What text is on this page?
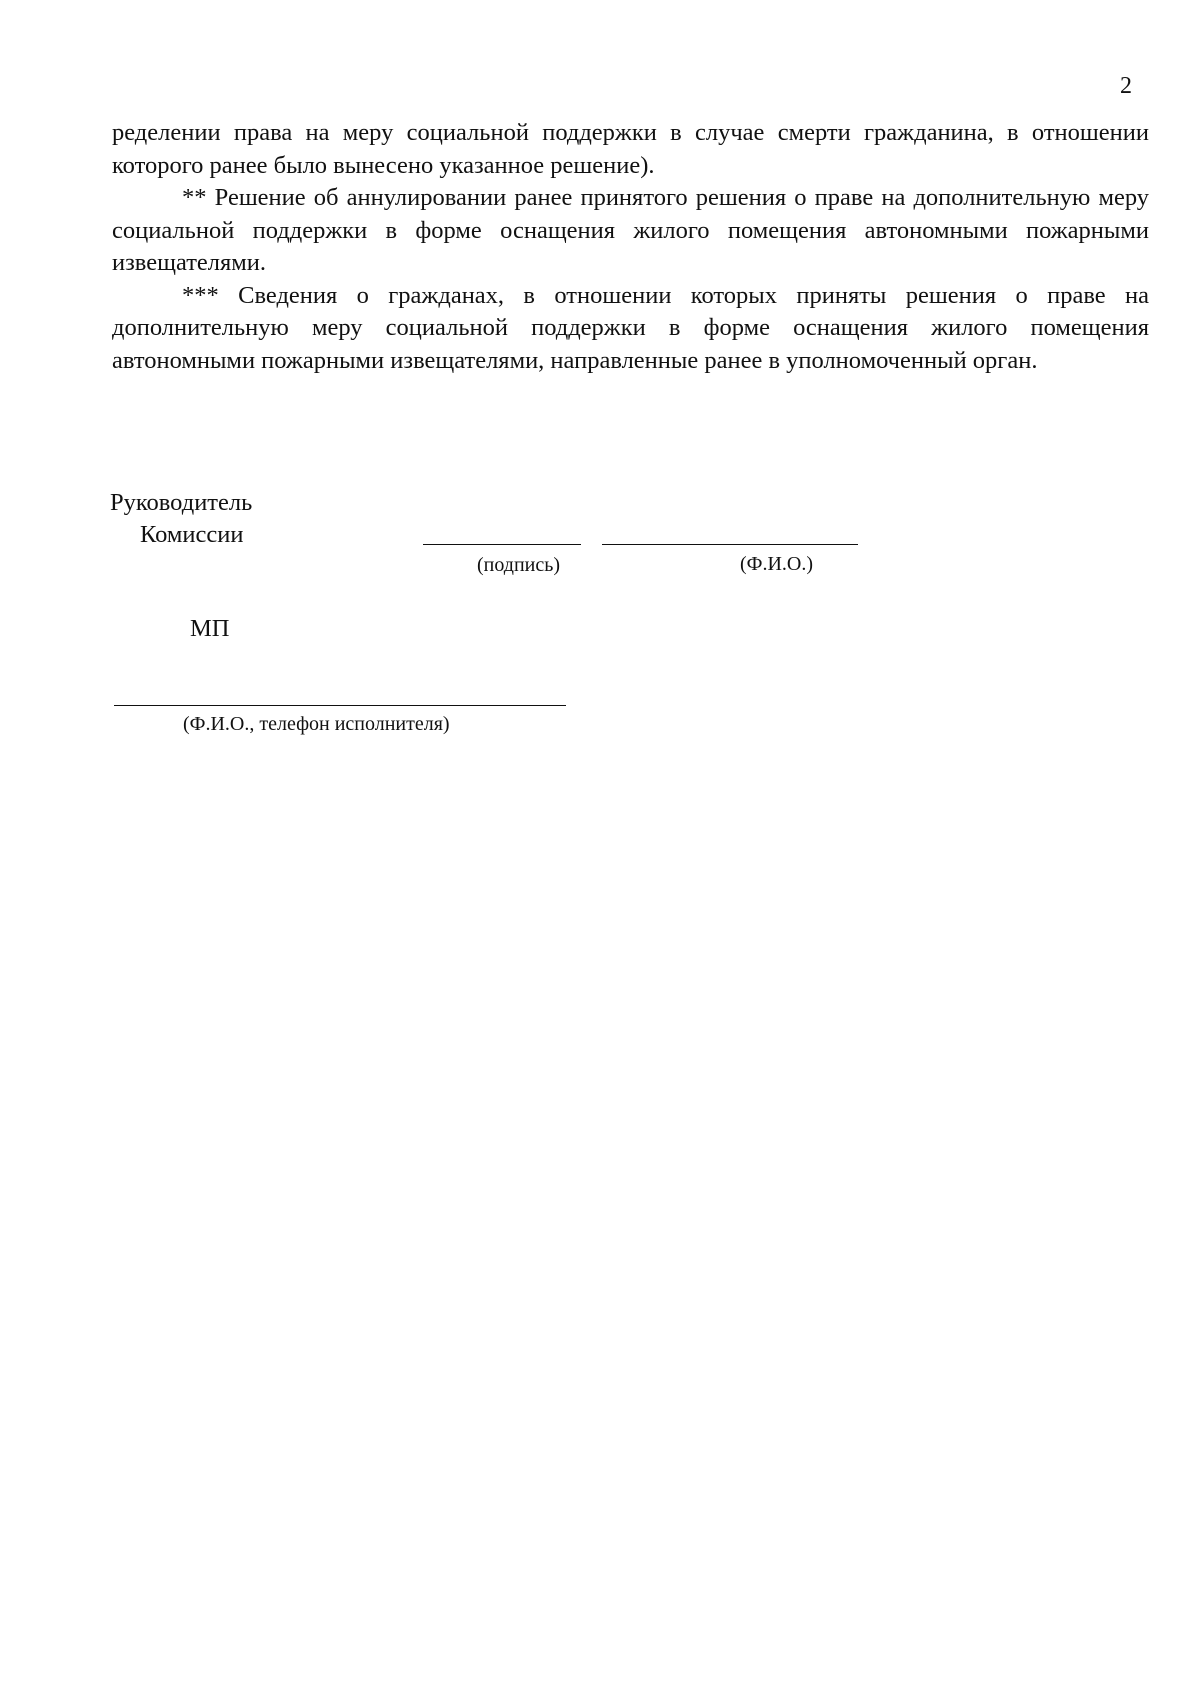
2

ределении права на меру социальной поддержки в случае смерти гражданина, в отношении которого ранее было вынесено указанное решение).

** Решение об аннулировании ранее принятого решения о праве на дополнительную меру социальной поддержки в форме оснащения жилого помещения автономными пожарными извещателями.

*** Сведения о гражданах, в отношении которых приняты решения о праве на дополнительную меру социальной поддержки в форме оснащения жилого помещения автономными пожарными извещателями, направленные ранее в уполномоченный орган.

Руководитель
Комиссии
(подпись)	(Ф.И.О.)
МП
(Ф.И.О., телефон исполнителя)
